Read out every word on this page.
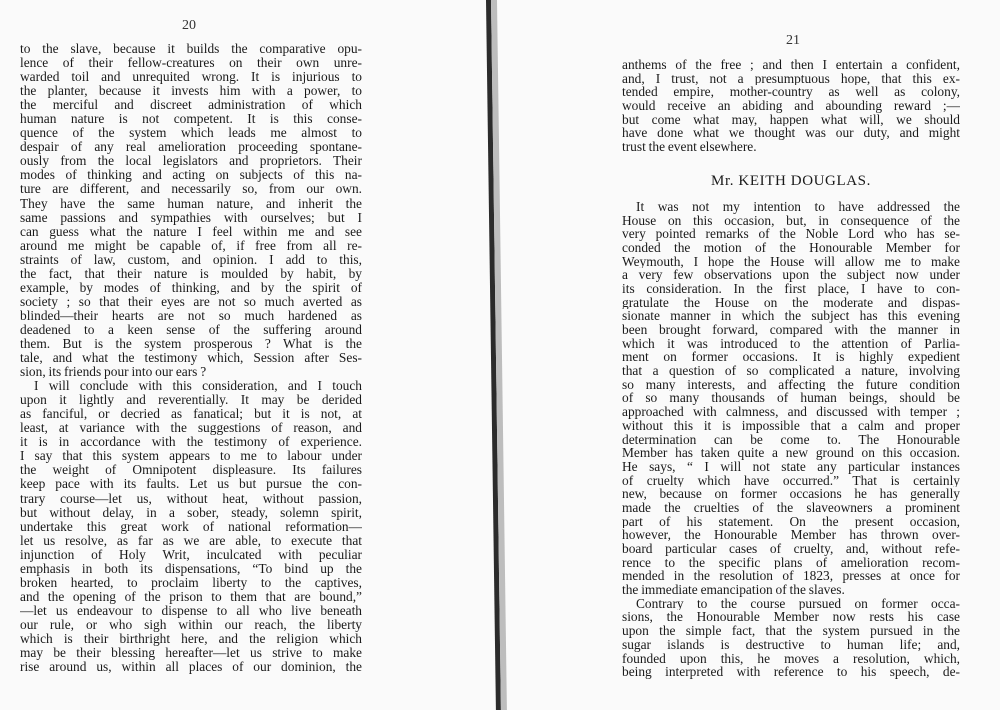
20
to the slave, because it builds the comparative opu-
lence of their fellow-creatures on their own unre-
warded toil and unrequited wrong. It is injurious to
the planter, because it invests him with a power, to
the merciful and discreet administration of which
human nature is not competent. It is this conse-
quence of the system which leads me almost to
despair of any real amelioration proceeding spontane-
ously from the local legislators and proprietors. Their
modes of thinking and acting on subjects of this na-
ture are different, and necessarily so, from our own.
They have the same human nature, and inherit the
same passions and sympathies with ourselves; but I
can guess what the nature I feel within me and see
around me might be capable of, if free from all re-
straints of law, custom, and opinion. I add to this,
the fact, that their nature is moulded by habit, by
example, by modes of thinking, and by the spirit of
society ; so that their eyes are not so much averted as
blinded—their hearts are not so much hardened as
deadened to a keen sense of the suffering around
them. But is the system prosperous ? What is the
tale, and what the testimony which, Session after Ses-
sion, its friends pour into our ears ?
I will conclude with this consideration, and I touch
upon it lightly and reverentially. It may be derided
as fanciful, or decried as fanatical; but it is not, at
least, at variance with the suggestions of reason, and
it is in accordance with the testimony of experience.
I say that this system appears to me to labour under
the weight of Omnipotent displeasure. Its failures
keep pace with its faults. Let us but pursue the con-
trary course—let us, without heat, without passion,
but without delay, in a sober, steady, solemn spirit,
undertake this great work of national reformation—
let us resolve, as far as we are able, to execute that
injunction of Holy Writ, inculcated with peculiar
emphasis in both its dispensations, “To bind up the
broken hearted, to proclaim liberty to the captives,
and the opening of the prison to them that are bound,”
—let us endeavour to dispense to all who live beneath
our rule, or who sigh within our reach, the liberty
which is their birthright here, and the religion which
may be their blessing hereafter—let us strive to make
rise around us, within all places of our dominion, the
21
anthems of the free ; and then I entertain a confident,
and, I trust, not a presumptuous hope, that this ex-
tended empire, mother-country as well as colony,
would receive an abiding and abounding reward ;—
but come what may, happen what will, we should
have done what we thought was our duty, and might
trust the event elsewhere.
Mr. KEITH DOUGLAS.
It was not my intention to have addressed the
House on this occasion, but, in consequence of the
very pointed remarks of the Noble Lord who has se-
conded the motion of the Honourable Member for
Weymouth, I hope the House will allow me to make
a very few observations upon the subject now under
its consideration. In the first place, I have to con-
gratulate the House on the moderate and dispas-
sionate manner in which the subject has this evening
been brought forward, compared with the manner in
which it was introduced to the attention of Parlia-
ment on former occasions. It is highly expedient
that a question of so complicated a nature, involving
so many interests, and affecting the future condition
of so many thousands of human beings, should be
approached with calmness, and discussed with temper ;
without this it is impossible that a calm and proper
determination can be come to. The Honourable
Member has taken quite a new ground on this occasion.
He says, “ I will not state any particular instances
of cruelty which have occurred.” That is certainly
new, because on former occasions he has generally
made the cruelties of the slaveowners a prominent
part of his statement. On the present occasion,
however, the Honourable Member has thrown over-
board particular cases of cruelty, and, without refe-
rence to the specific plans of amelioration recom-
mended in the resolution of 1823, presses at once for
the immediate emancipation of the slaves.
Contrary to the course pursued on former occa-
sions, the Honourable Member now rests his case
upon the simple fact, that the system pursued in the
sugar islands is destructive to human life; and,
founded upon this, he moves a resolution, which,
being interpreted with reference to his speech, de-
